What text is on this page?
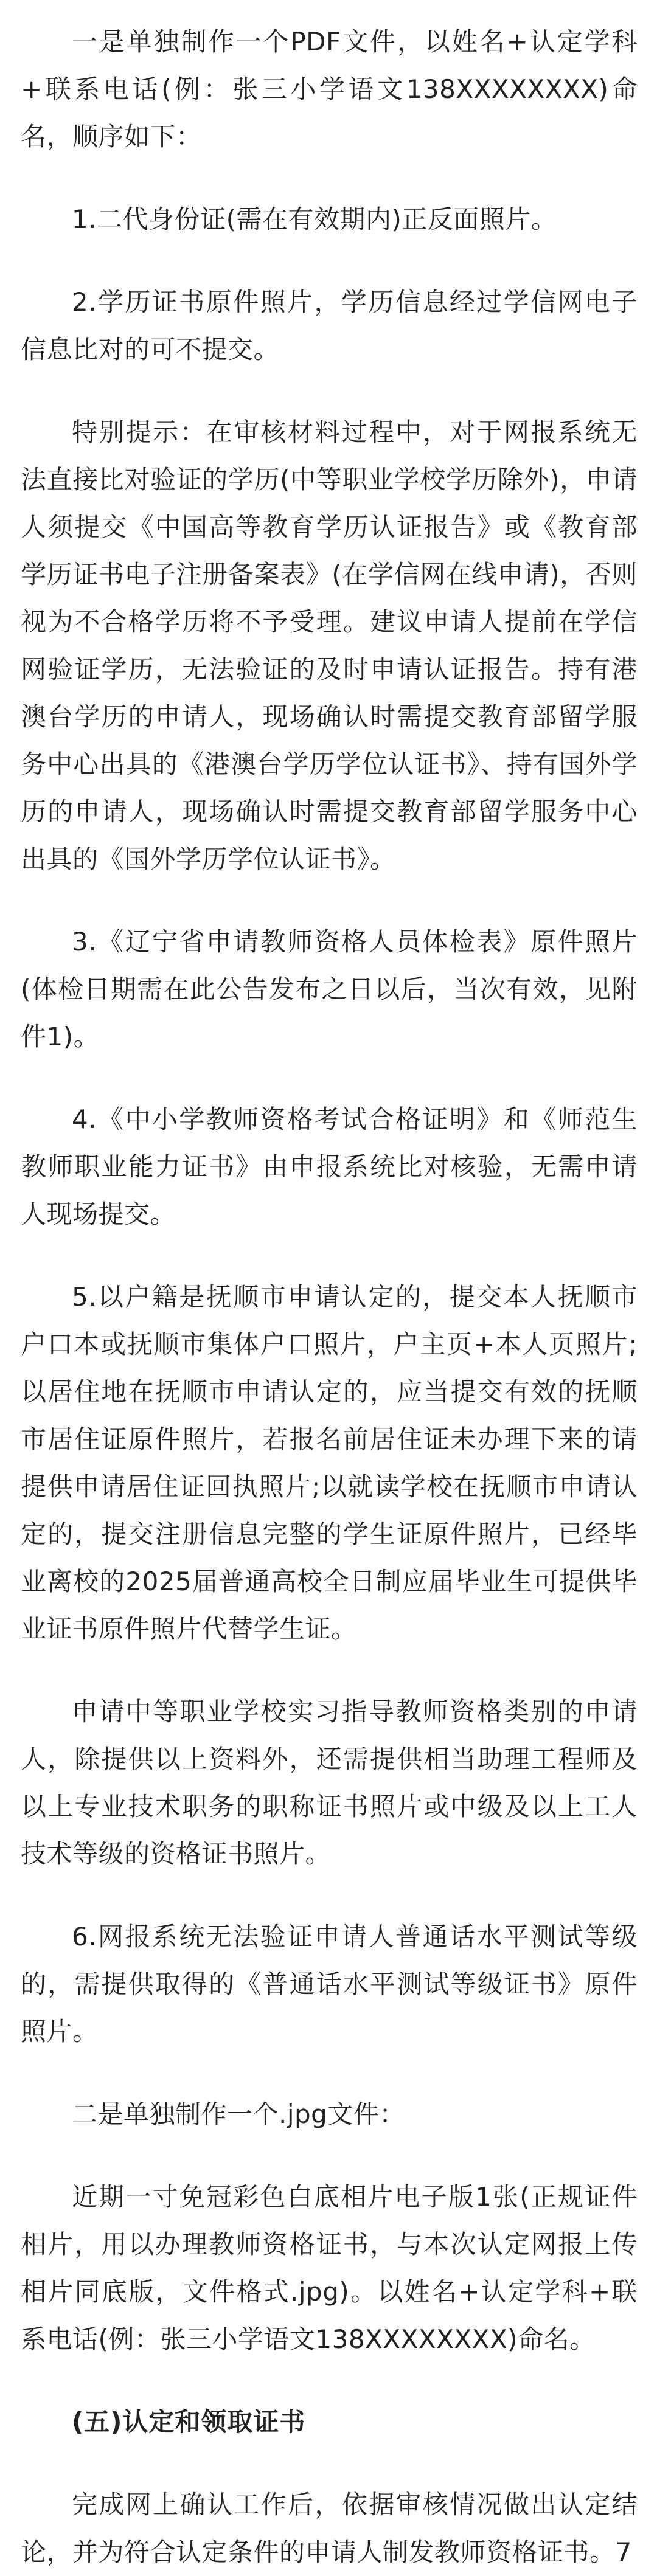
一是单独制作一个PDF文件，以姓名+认定学科+联系电话(例：张三小学语文138XXXXXXXX)命名，顺序如下：

1.二代身份证(需在有效期内)正反面照片。

2.学历证书原件照片，学历信息经过学信网电子信息比对的可不提交。

特别提示：在审核材料过程中，对于网报系统无法直接比对验证的学历(中等职业学校学历除外)，申请人须提交《中国高等教育学历认证报告》或《教育部学历证书电子注册备案表》(在学信网在线申请)，否则视为不合格学历将不予受理。建议申请人提前在学信网验证学历，无法验证的及时申请认证报告。持有港澳台学历的申请人，现场确认时需提交教育部留学服务中心出具的《港澳台学历学位认证书》、持有国外学历的申请人，现场确认时需提交教育部留学服务中心出具的《国外学历学位认证书》。

3.《辽宁省申请教师资格人员体检表》原件照片(体检日期需在此公告发布之日以后，当次有效，见附件1)。

4.《中小学教师资格考试合格证明》和《师范生教师职业能力证书》由申报系统比对核验，无需申请人现场提交。

5.以户籍是抚顺市申请认定的，提交本人抚顺市户口本或抚顺市集体户口照片，户主页+本人页照片;以居住地在抚顺市申请认定的，应当提交有效的抚顺市居住证原件照片，若报名前居住证未办理下来的请提供申请居住证回执照片;以就读学校在抚顺市申请认定的，提交注册信息完整的学生证原件照片，已经毕业离校的2025届普通高校全日制应届毕业生可提供毕业证书原件照片代替学生证。

申请中等职业学校实习指导教师资格类别的申请人，除提供以上资料外，还需提供相当助理工程师及以上专业技术职务的职称证书照片或中级及以上工人技术等级的资格证书照片。

6.网报系统无法验证申请人普通话水平测试等级的，需提供取得的《普通话水平测试等级证书》原件照片。

二是单独制作一个.jpg文件：

近期一寸免冠彩色白底相片电子版1张(正规证件相片，用以办理教师资格证书，与本次认定网报上传相片同底版，文件格式.jpg)。以姓名+认定学科+联系电话(例：张三小学语文138XXXXXXXX)命名。

(五)认定和领取证书

完成网上确认工作后，依据审核情况做出认定结论，并为符合认定条件的申请人制发教师资格证书。7
